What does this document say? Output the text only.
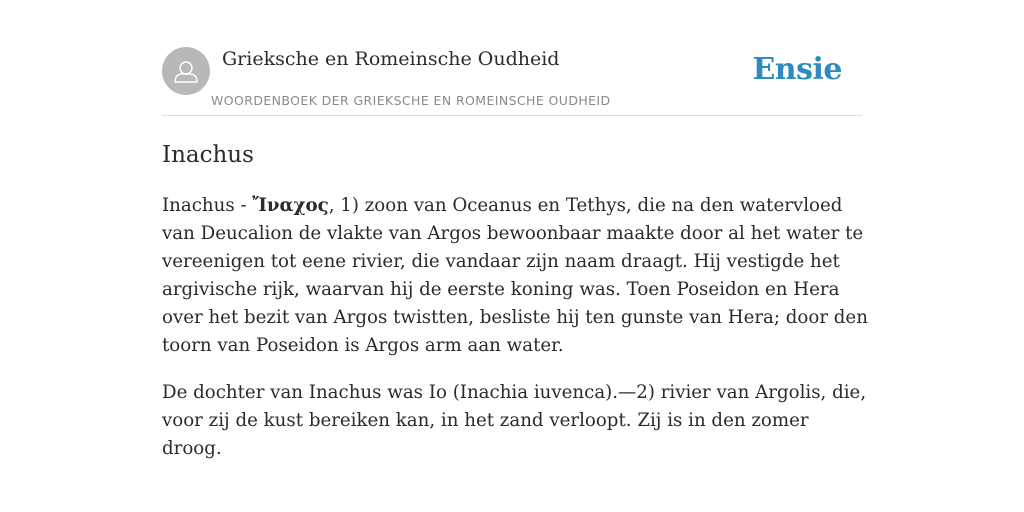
Grieksche en Romeinsche Oudheid
WOORDENBOEK DER GRIEKSCHE EN ROMEINSCHE OUDHEID
Ensie
Inachus

Inachus - Ἴναχος, 1) zoon van Oceanus en Tethys, die na den watervloed van Deucalion de vlakte van Argos bewoonbaar maakte door al het water te vereenigen tot eene rivier, die vandaar zijn naam draagt. Hij vestigde het argivische rijk, waarvan hij de eerste koning was. Toen Poseidon en Hera over het bezit van Argos twistten, besliste hij ten gunste van Hera; door den toorn van Poseidon is Argos arm aan water.

De dochter van Inachus was Io (Inachia iuvenca).—2) rivier van Argolis, die, voor zij de kust bereiken kan, in het zand verloopt. Zij is in den zomer droog.
